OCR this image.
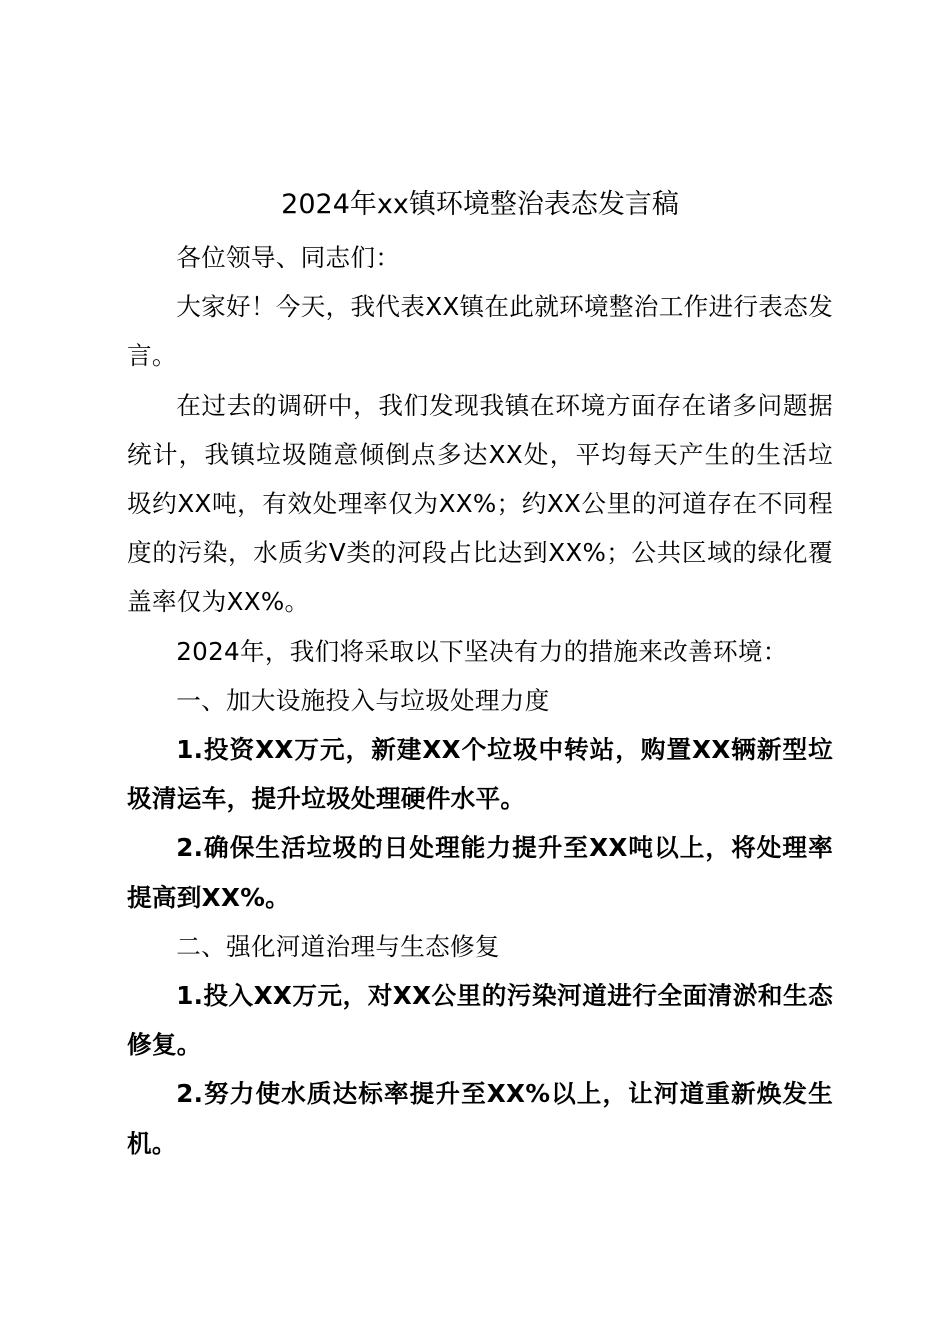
2024年xx镇环境整治表态发言稿

各位领导、同志们：

大家好！今天，我代表XX镇在此就环境整治工作进行表态发言。

在过去的调研中，我们发现我镇在环境方面存在诸多问题据统计，我镇垃圾随意倾倒点多达XX处，平均每天产生的生活垃圾约XX吨，有效处理率仅为XX%；约XX公里的河道存在不同程度的污染，水质劣Ⅴ类的河段占比达到XX%；公共区域的绿化覆盖率仅为XX%。

2024年，我们将采取以下坚决有力的措施来改善环境：

一、加大设施投入与垃圾处理力度

1.投资XX万元，新建XX个垃圾中转站，购置XX辆新型垃圾清运车，提升垃圾处理硬件水平。

2.确保生活垃圾的日处理能力提升至XX吨以上，将处理率提高到XX%。

二、强化河道治理与生态修复

1.投入XX万元，对XX公里的污染河道进行全面清淤和生态修复。

2.努力使水质达标率提升至XX%以上，让河道重新焕发生机。
